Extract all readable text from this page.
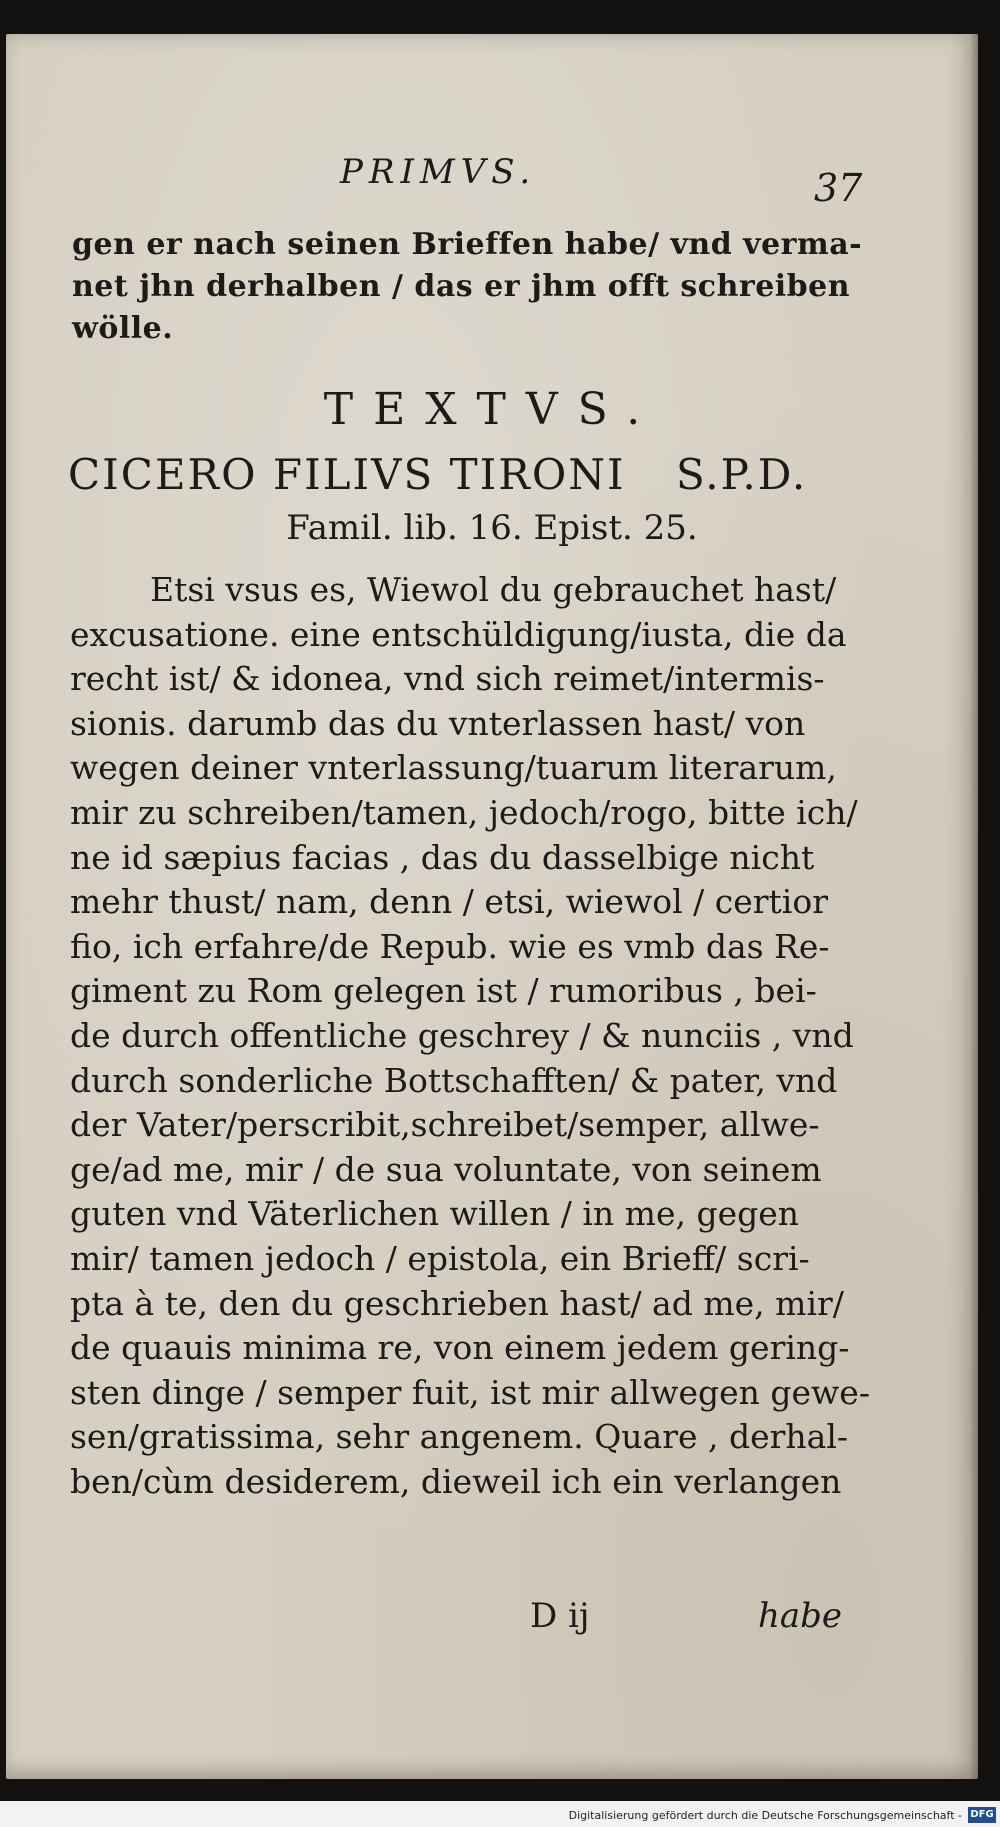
PRIMVS.	37
gen er nach seinen Brieffen habe/ vnd verma-
net jhn derhalben / das er jhm offt schreiben
wölle.
TEXTVS.
CICERO FILIVS TIRONI S.P.D.
Famil. lib. 16. Epist. 25.
Etsi vsus es, Wiewol du gebrauchet hast/
excusatione. eine entschüldigung/iusta, die da
recht ist/ & idonea, vnd sich reimet/intermis-
sionis. darumb das du vnterlassen hast/ von
wegen deiner vnterlassung/tuarum literarum,
mir zu schreiben/tamen, jedoch/rogo, bitte ich/
ne id sæpius facias , das du dasselbige nicht
mehr thust/ nam, denn / etsi, wiewol / certior
fio, ich erfahre/de Repub. wie es vmb das Re-
giment zu Rom gelegen ist / rumoribus , bei-
de durch offentliche geschrey / & nunciis , vnd
durch sonderliche Bottschafften/ & pater, vnd
der Vater/perscribit,schreibet/semper, allwe-
ge/ad me, mir / de sua voluntate, von seinem
guten vnd Väterlichen willen / in me, gegen
mir/ tamen jedoch / epistola, ein Brieff/ scri-
pta à te, den du geschrieben hast/ ad me, mir/
de quauis minima re, von einem jedem gering-
sten dinge / semper fuit, ist mir allwegen gewe-
sen/gratissima, sehr angenem. Quare , derhal-
ben/cùm desiderem, dieweil ich ein verlangen
D ij	habe
Digitalisierung gefördert durch die Deutsche Forschungsgemeinschaft - DFG
